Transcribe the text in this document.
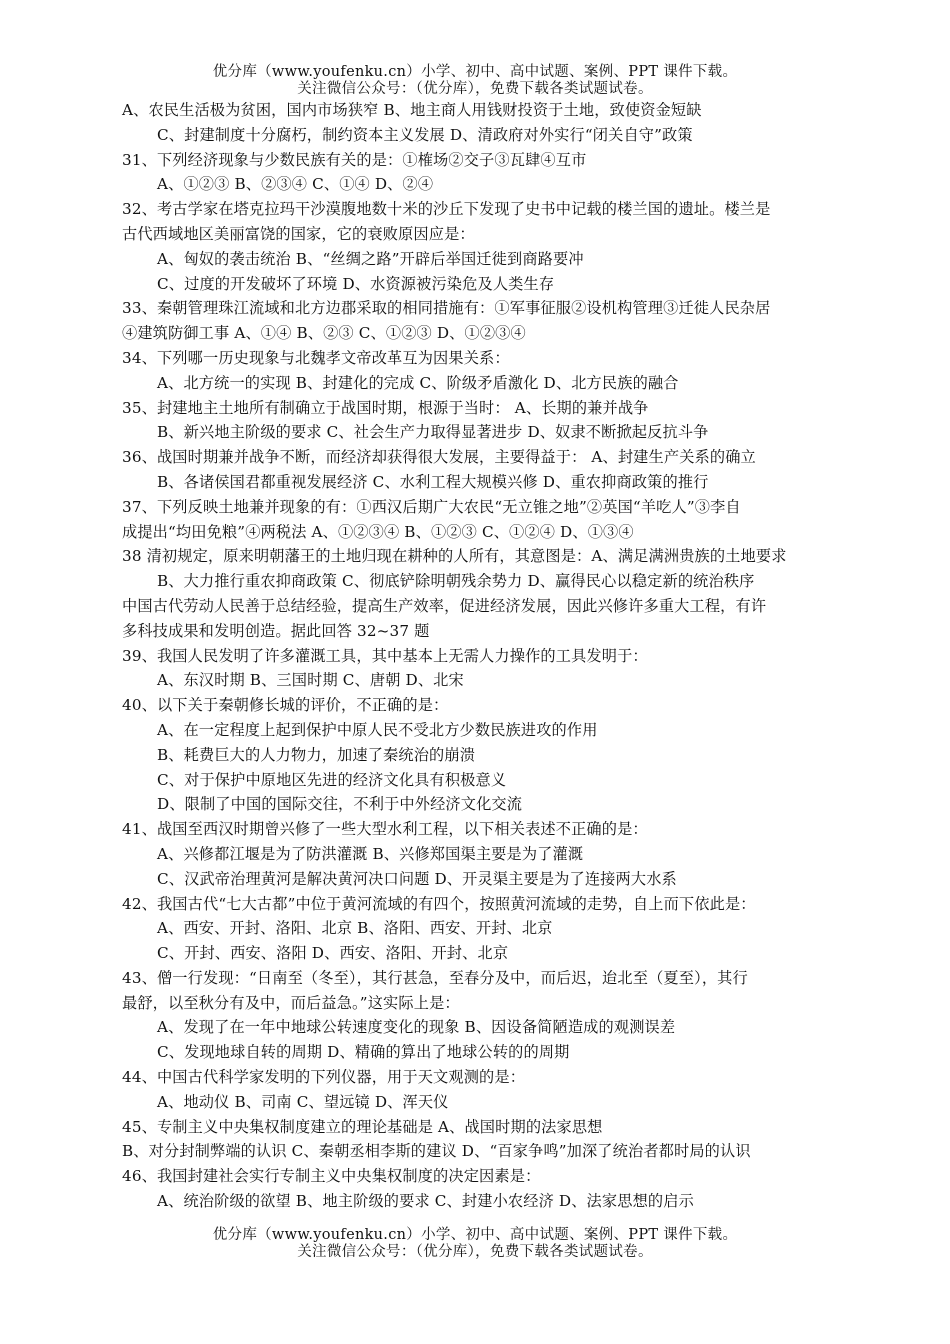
优分库（www.youfenku.cn）小学、初中、高中试题、案例、PPT 课件下载。
关注微信公众号：（优分库），免费下载各类试题试卷。
A、农民生活极为贫困，国内市场狭窄 B、地主商人用钱财投资于土地，致使资金短缺
C、封建制度十分腐朽，制约资本主义发展 D、清政府对外实行“闭关自守”政策
31、下列经济现象与少数民族有关的是：①榷场②交子③瓦肆④互市
A、①②③ B、②③④ C、①④ D、②④
32、考古学家在塔克拉玛干沙漠腹地数十米的沙丘下发现了史书中记载的楼兰国的遗址。楼兰是
古代西域地区美丽富饶的国家，它的衰败原因应是：
A、匈奴的袭击统治 B、“丝绸之路”开辟后举国迁徙到商路要冲
C、过度的开发破坏了环境 D、水资源被污染危及人类生存
33、秦朝管理珠江流域和北方边郡采取的相同措施有：①军事征服②设机构管理③迁徙人民杂居
④建筑防御工事 A、①④ B、②③ C、①②③ D、①②③④
34、下列哪一历史现象与北魏孝文帝改革互为因果关系：
A、北方统一的实现 B、封建化的完成 C、阶级矛盾激化 D、北方民族的融合
35、封建地主土地所有制确立于战国时期，根源于当时： A、长期的兼并战争
B、新兴地主阶级的要求 C、社会生产力取得显著进步 D、奴隶不断掀起反抗斗争
36、战国时期兼并战争不断，而经济却获得很大发展，主要得益于： A、封建生产关系的确立
B、各诸侯国君都重视发展经济 C、水利工程大规模兴修 D、重农抑商政策的推行
37、下列反映土地兼并现象的有：①西汉后期广大农民“无立锥之地”②英国“羊吃人”③李自
成提出“均田免粮”④两税法 A、①②③④ B、①②③ C、①②④ D、①③④
38 清初规定，原来明朝藩王的土地归现在耕种的人所有，其意图是：A、满足满洲贵族的土地要求
B、大力推行重农抑商政策 C、彻底铲除明朝残余势力 D、赢得民心以稳定新的统治秩序
中国古代劳动人民善于总结经验，提高生产效率，促进经济发展，因此兴修许多重大工程，有许
多科技成果和发明创造。据此回答 32~37 题
39、我国人民发明了许多灌溉工具，其中基本上无需人力操作的工具发明于：
A、东汉时期 B、三国时期 C、唐朝 D、北宋
40、以下关于秦朝修长城的评价，不正确的是：
A、在一定程度上起到保护中原人民不受北方少数民族进攻的作用
B、耗费巨大的人力物力，加速了秦统治的崩溃
C、对于保护中原地区先进的经济文化具有积极意义
D、限制了中国的国际交往，不利于中外经济文化交流
41、战国至西汉时期曾兴修了一些大型水利工程，以下相关表述不正确的是：
A、兴修都江堰是为了防洪灌溉 B、兴修郑国渠主要是为了灌溉
C、汉武帝治理黄河是解决黄河决口问题 D、开灵渠主要是为了连接两大水系
42、我国古代“七大古都”中位于黄河流域的有四个，按照黄河流域的走势，自上而下依此是：
A、西安、开封、洛阳、北京 B、洛阳、西安、开封、北京
C、开封、西安、洛阳 D、西安、洛阳、开封、北京
43、僧一行发现：“日南至（冬至），其行甚急，至春分及中，而后迟，迨北至（夏至），其行
最舒，以至秋分有及中，而后益急。”这实际上是：
A、发现了在一年中地球公转速度变化的现象 B、因设备简陋造成的观测误差
C、发现地球自转的周期 D、精确的算出了地球公转的的周期
44、中国古代科学家发明的下列仪器，用于天文观测的是：
A、地动仪 B、司南 C、望远镜 D、浑天仪
45、专制主义中央集权制度建立的理论基础是 A、战国时期的法家思想
B、对分封制弊端的认识 C、秦朝丞相李斯的建议 D、“百家争鸣”加深了统治者都时局的认识
46、我国封建社会实行专制主义中央集权制度的决定因素是：
A、统治阶级的欲望 B、地主阶级的要求 C、封建小农经济 D、法家思想的启示
优分库（www.youfenku.cn）小学、初中、高中试题、案例、PPT 课件下载。
关注微信公众号：（优分库），免费下载各类试题试卷。
